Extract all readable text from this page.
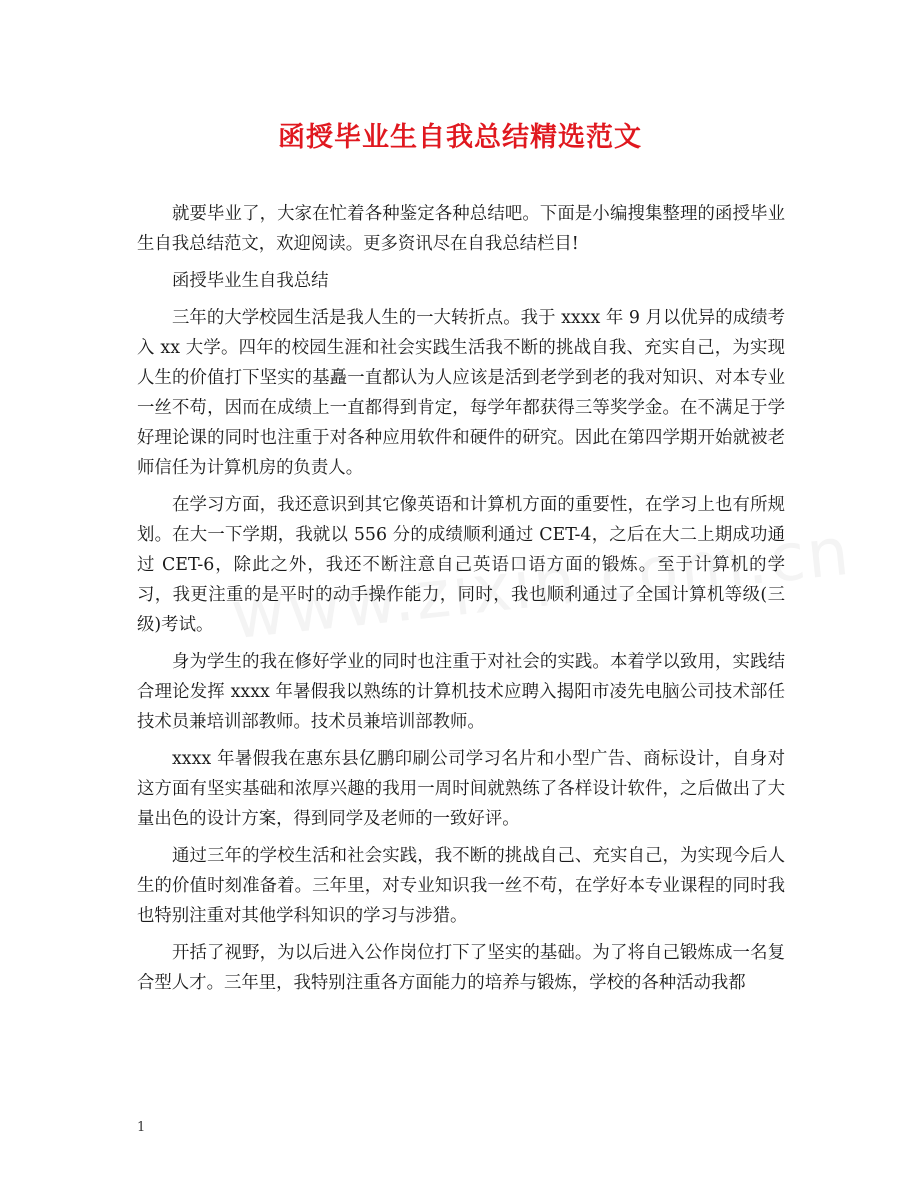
函授毕业生自我总结精选范文

就要毕业了，大家在忙着各种鉴定各种总结吧。下面是小编搜集整理的函授毕业生自我总结范文，欢迎阅读。更多资讯尽在自我总结栏目!

函授毕业生自我总结

三年的大学校园生活是我人生的一大转折点。我于 xxxx 年 9 月以优异的成绩考入 xx 大学。四年的校园生涯和社会实践生活我不断的挑战自我、充实自己，为实现人生的价值打下坚实的基矗一直都认为人应该是活到老学到老的我对知识、对本专业一丝不苟，因而在成绩上一直都得到肯定，每学年都获得三等奖学金。在不满足于学好理论课的同时也注重于对各种应用软件和硬件的研究。因此在第四学期开始就被老师信任为计算机房的负责人。

在学习方面，我还意识到其它像英语和计算机方面的重要性，在学习上也有所规划。在大一下学期，我就以 556 分的成绩顺利通过 CET-4，之后在大二上期成功通过 CET-6，除此之外，我还不断注意自己英语口语方面的锻炼。至于计算机的学习，我更注重的是平时的动手操作能力，同时，我也顺利通过了全国计算机等级(三级)考试。

身为学生的我在修好学业的同时也注重于对社会的实践。本着学以致用，实践结合理论发挥 xxxx 年暑假我以熟练的计算机技术应聘入揭阳市凌先电脑公司技术部任技术员兼培训部教师。技术员兼培训部教师。

xxxx 年暑假我在惠东县亿鹏印刷公司学习名片和小型广告、商标设计，自身对这方面有坚实基础和浓厚兴趣的我用一周时间就熟练了各样设计软件，之后做出了大量出色的设计方案，得到同学及老师的一致好评。

通过三年的学校生活和社会实践，我不断的挑战自己、充实自己，为实现今后人生的价值时刻准备着。三年里，对专业知识我一丝不苟，在学好本专业课程的同时我也特别注重对其他学科知识的学习与涉猎。

开括了视野，为以后进入公作岗位打下了坚实的基础。为了将自己锻炼成一名复合型人才。三年里，我特别注重各方面能力的培养与锻炼，学校的各种活动我都

1
